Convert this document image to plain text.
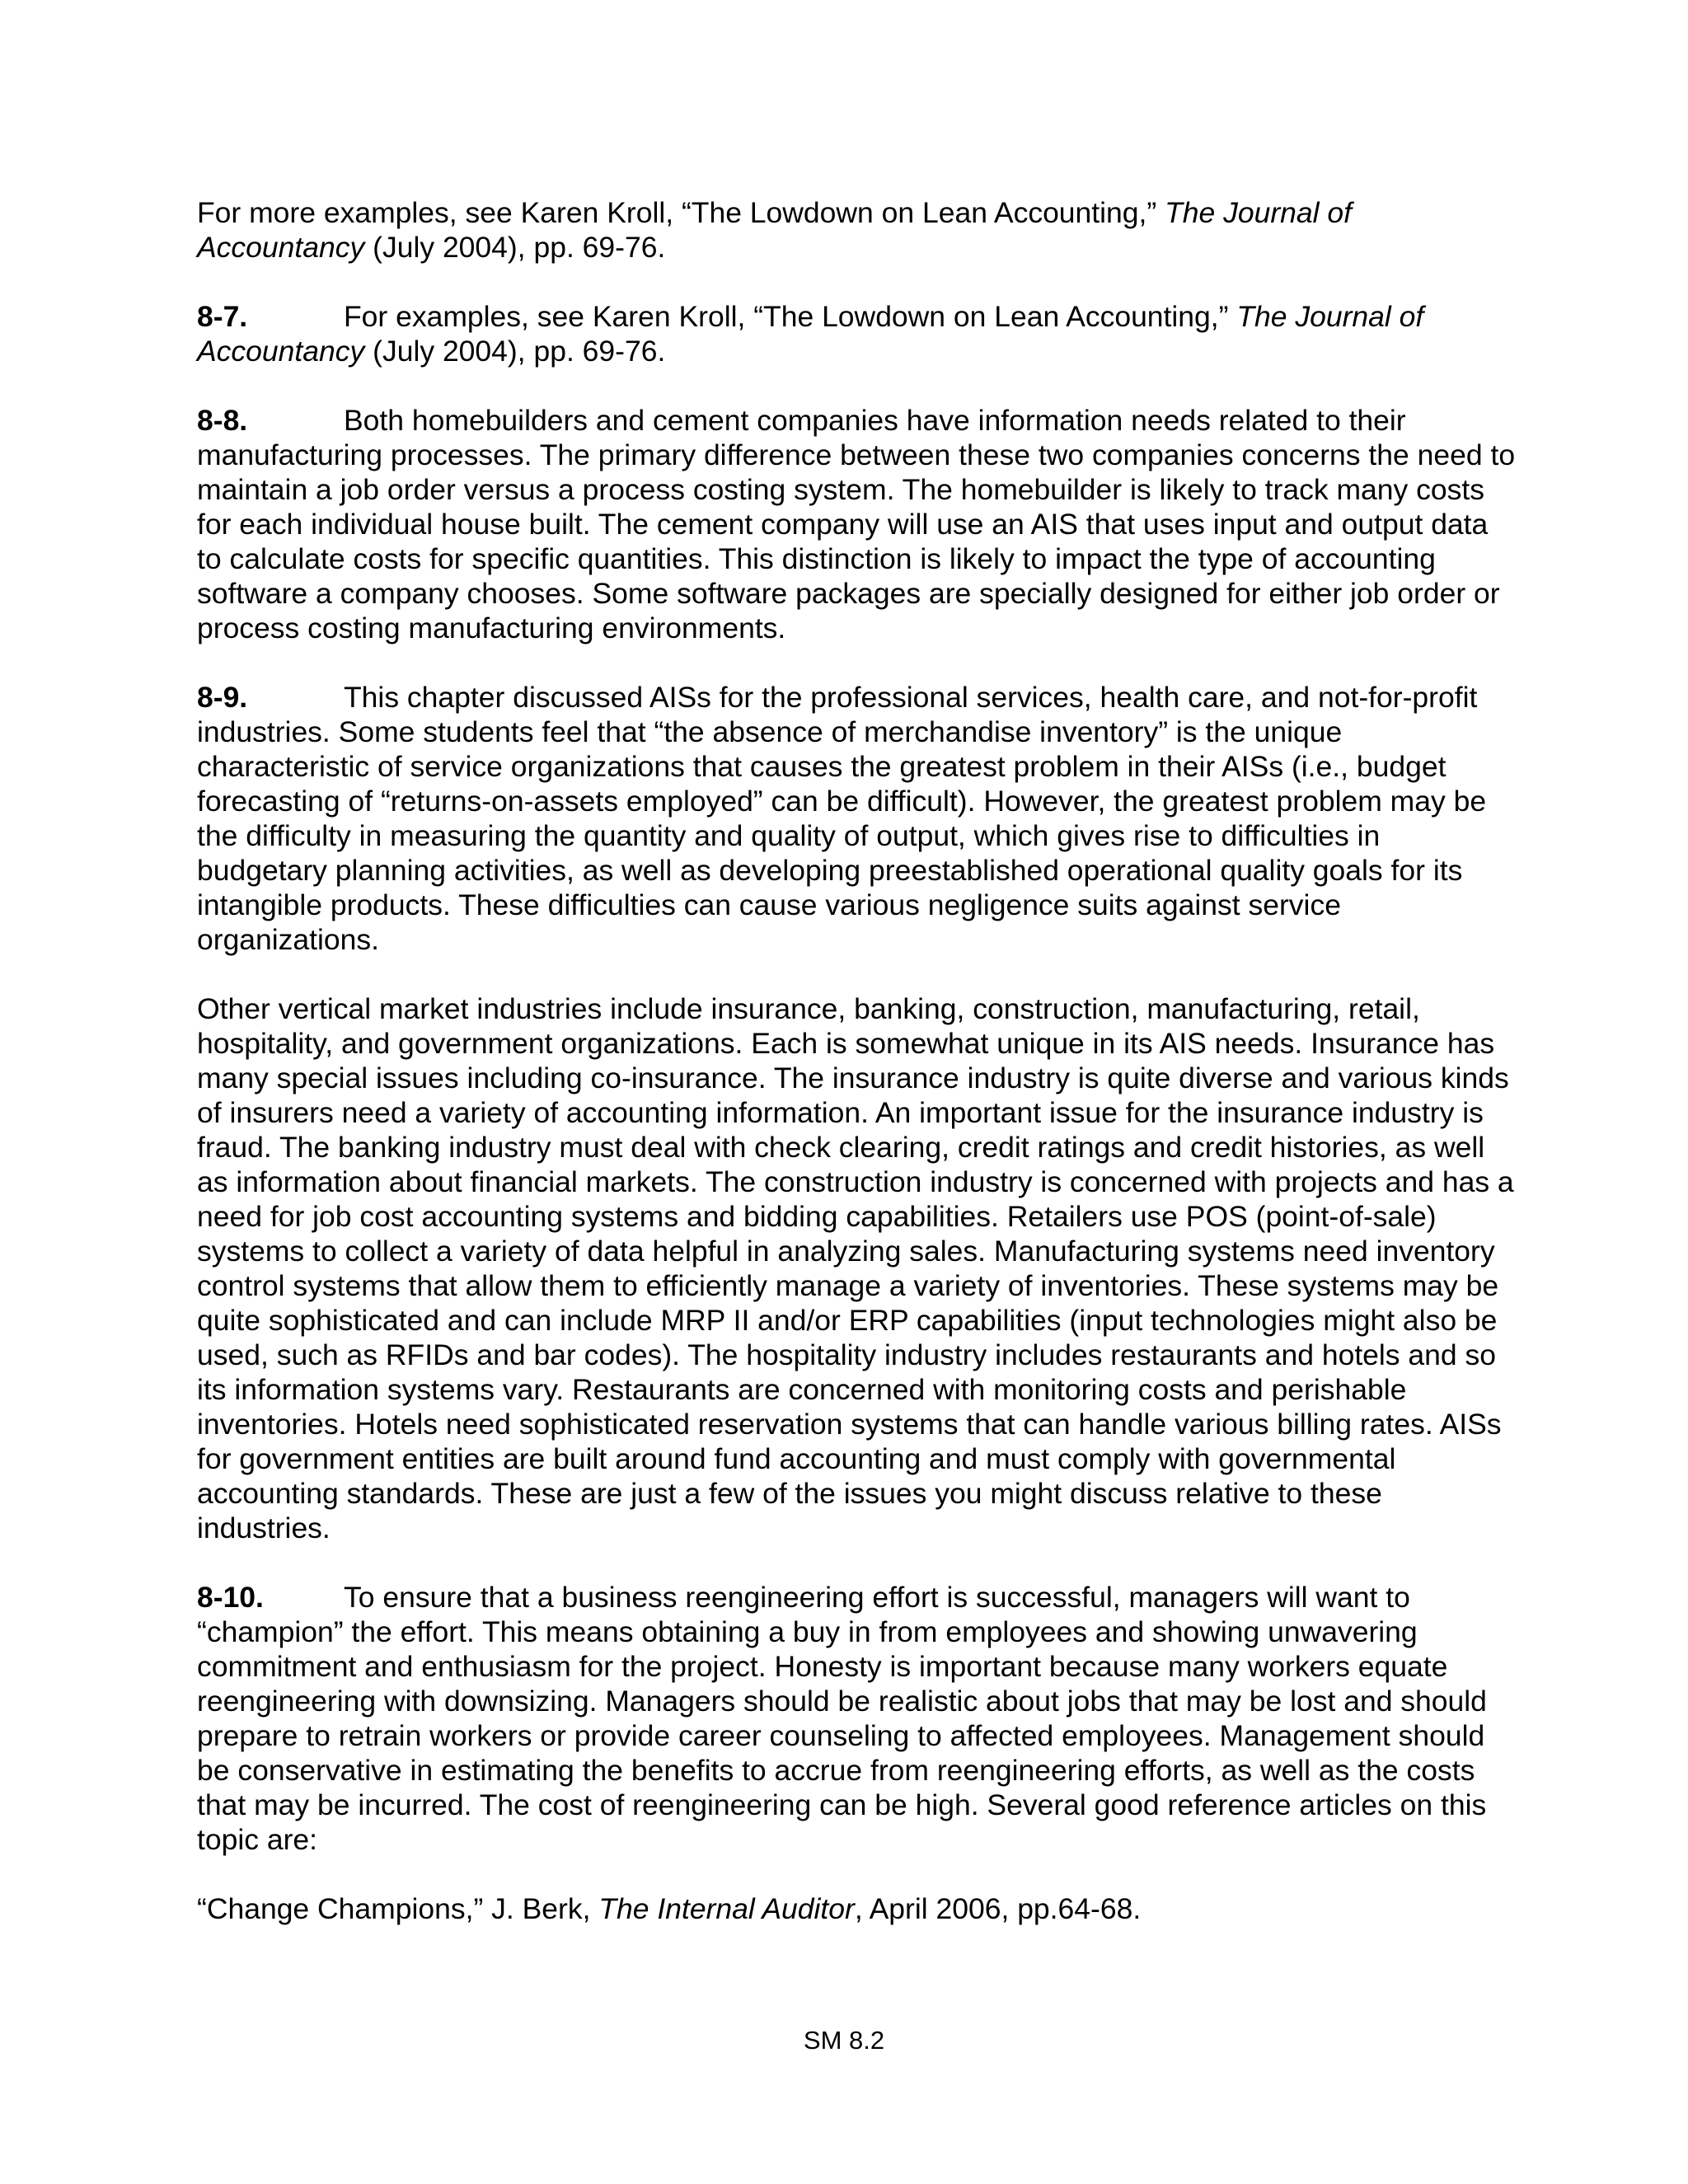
For more examples, see Karen Kroll, “The Lowdown on Lean Accounting,” The Journal of Accountancy (July 2004), pp. 69-76.

8-7.	For examples, see Karen Kroll, “The Lowdown on Lean Accounting,” The Journal of Accountancy (July 2004), pp. 69-76.

8-8.	Both homebuilders and cement companies have information needs related to their manufacturing processes. The primary difference between these two companies concerns the need to maintain a job order versus a process costing system. The homebuilder is likely to track many costs for each individual house built. The cement company will use an AIS that uses input and output data to calculate costs for specific quantities. This distinction is likely to impact the type of accounting software a company chooses. Some software packages are specially designed for either job order or process costing manufacturing environments.

8-9.	This chapter discussed AISs for the professional services, health care, and not-for-profit industries. Some students feel that “the absence of merchandise inventory” is the unique characteristic of service organizations that causes the greatest problem in their AISs (i.e., budget forecasting of “returns-on-assets employed” can be difficult). However, the greatest problem may be the difficulty in measuring the quantity and quality of output, which gives rise to difficulties in budgetary planning activities, as well as developing preestablished operational quality goals for its intangible products. These difficulties can cause various negligence suits against service organizations.

Other vertical market industries include insurance, banking, construction, manufacturing, retail, hospitality, and government organizations. Each is somewhat unique in its AIS needs. Insurance has many special issues including co-insurance. The insurance industry is quite diverse and various kinds of insurers need a variety of accounting information. An important issue for the insurance industry is fraud. The banking industry must deal with check clearing, credit ratings and credit histories, as well as information about financial markets. The construction industry is concerned with projects and has a need for job cost accounting systems and bidding capabilities. Retailers use POS (point-of-sale) systems to collect a variety of data helpful in analyzing sales. Manufacturing systems need inventory control systems that allow them to efficiently manage a variety of inventories. These systems may be quite sophisticated and can include MRP II and/or ERP capabilities (input technologies might also be used, such as RFIDs and bar codes). The hospitality industry includes restaurants and hotels and so its information systems vary. Restaurants are concerned with monitoring costs and perishable inventories. Hotels need sophisticated reservation systems that can handle various billing rates. AISs for government entities are built around fund accounting and must comply with governmental accounting standards. These are just a few of the issues you might discuss relative to these industries.

8-10.	To ensure that a business reengineering effort is successful, managers will want to “champion” the effort. This means obtaining a buy in from employees and showing unwavering commitment and enthusiasm for the project. Honesty is important because many workers equate reengineering with downsizing. Managers should be realistic about jobs that may be lost and should prepare to retrain workers or provide career counseling to affected employees. Management should be conservative in estimating the benefits to accrue from reengineering efforts, as well as the costs that may be incurred. The cost of reengineering can be high. Several good reference articles on this topic are:

“Change Champions,” J. Berk, The Internal Auditor, April 2006, pp.64-68.

SM 8.2
